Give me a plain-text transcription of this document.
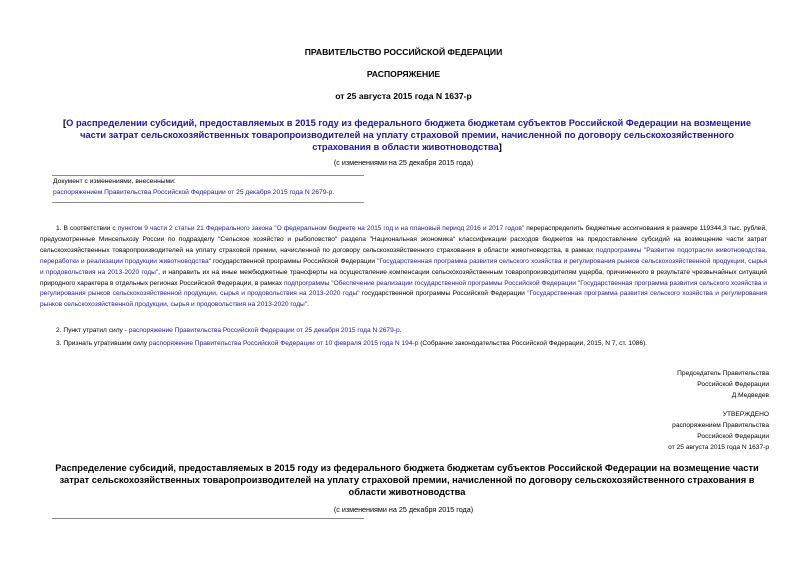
ПРАВИТЕЛЬСТВО РОССИЙСКОЙ ФЕДЕРАЦИИ
РАСПОРЯЖЕНИЕ
от 25 августа 2015 года N 1637-р
[О распределении субсидий, предоставляемых в 2015 году из федерального бюджета бюджетам субъектов Российской Федерации на возмещение части затрат сельскохозяйственных товаропроизводителей на уплату страховой премии, начисленной по договору сельскохозяйственного страхования в области животноводства]
(с изменениями на 25 декабря 2015 года)
Документ с изменениями, внесенными:
распоряжением Правительства Российской Федерации от 25 декабря 2015 года N 2679-р.
1. В соответствии с пунктом 9 части 2 статьи 21 Федерального закона "О федеральном бюджете на 2015 год и на плановый период 2016 и 2017 годов" перераспределить бюджетные ассигнования в размере 119344,3 тыс. рублей, предусмотренные Минсельхозу России по подразделу "Сельское хозяйство и рыболовство" раздела "Национальная экономика" классификации расходов бюджетов на предоставление субсидий на возмещение части затрат сельскохозяйственных товаропроизводителей на уплату страховой премии, начисленной по договору сельскохозяйственного страхования в области животноводства, в рамках подпрограммы "Развитие подотрасли животноводства, переработки и реализации продукции животноводства" государственной программы Российской Федерации "Государственная программа развития сельского хозяйства и регулирования рынков сельскохозяйственной продукции, сырья и продовольствия на 2013-2020 годы", и направить их на иные межбюджетные трансферты на осуществление компенсации сельскохозяйственным товаропроизводителям ущерба, причиненного в результате чрезвычайных ситуаций природного характера в отдельных регионах Российской Федерации, в рамках подпрограммы "Обеспечение реализации государственной программы Российской Федерации "Государственная программа развития сельского хозяйства и регулирования рынков сельскохозяйственной продукции, сырья и продовольствия на 2013-2020 годы" государственной программы Российской Федерации "Государственная программа развития сельского хозяйства и регулирования рынков сельскохозяйственной продукции, сырья и продовольствия на 2013-2020 годы".
2. Пункт утратил силу - распоряжение Правительства Российской Федерации от 25 декабря 2015 года N 2679-р.
3. Признать утратившим силу распоряжение Правительства Российской Федерации от 10 февраля 2015 года N 194-р (Собрание законодательства Российской Федерации, 2015, N 7, ст. 1086).
Председатель Правительства
Российской Федерации
Д.Медведев
УТВЕРЖДЕНО
распоряжением Правительства
Российской Федерации
от 25 августа 2015 года N 1637-р
Распределение субсидий, предоставляемых в 2015 году из федерального бюджета бюджетам субъектов Российской Федерации на возмещение части затрат сельскохозяйственных товаропроизводителей на уплату страховой премии, начисленной по договору сельскохозяйственного страхования в области животноводства
(с изменениями на 25 декабря 2015 года)
